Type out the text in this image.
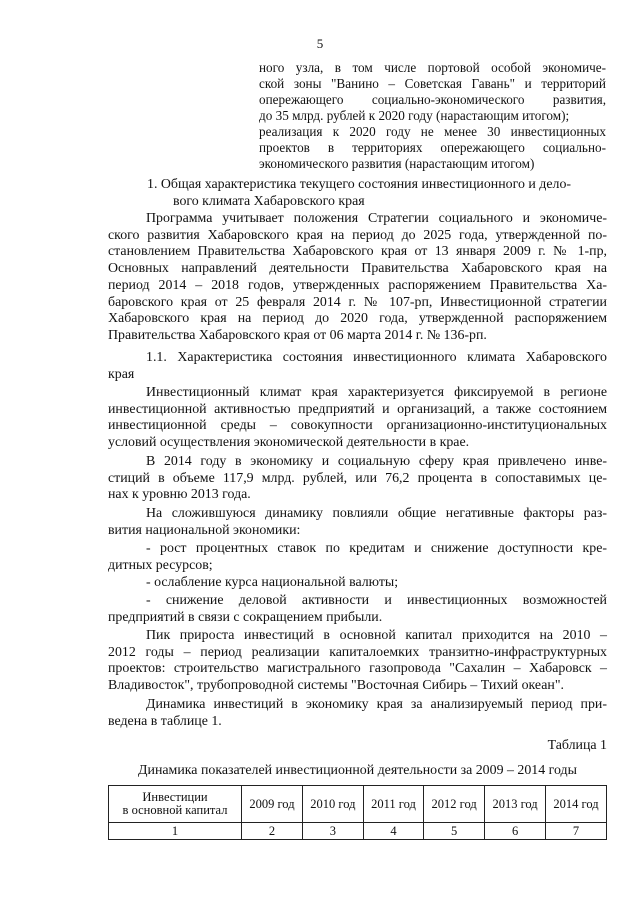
5
ного узла, в том числе портовой особой экономиче-
ской зоны "Ванино – Советская Гавань" и территорий
опережающего социально-экономического развития,
до 35 млрд. рублей к 2020 году (нарастающим итогом);
реализация к 2020 году не менее 30 инвестиционных
проектов в территориях опережающего социально-
экономического развития (нарастающим итогом)
1. Общая характеристика текущего состояния инвестиционного и дело-
вого климата Хабаровского края
Программа учитывает положения Стратегии социального и экономиче-
ского развития Хабаровского края на период до 2025 года, утвержденной по-
становлением Правительства Хабаровского края от 13 января 2009 г. № 1-пр,
Основных направлений деятельности Правительства Хабаровского края на
период 2014 – 2018 годов, утвержденных распоряжением Правительства Ха-
баровского края от 25 февраля 2014 г. № 107-рп, Инвестиционной стратегии
Хабаровского края на период до 2020 года, утвержденной распоряжением
Правительства Хабаровского края от 06 марта 2014 г. № 136-рп.
1.1. Характеристика состояния инвестиционного климата Хабаровского
края
Инвестиционный климат края характеризуется фиксируемой в регионе
инвестиционной активностью предприятий и организаций, а также состоянием
инвестиционной среды – совокупности организационно-институциональных
условий осуществления экономической деятельности в крае.
В 2014 году в экономику и социальную сферу края привлечено инве-
стиций в объеме 117,9 млрд. рублей, или 76,2 процента в сопоставимых це-
нах к уровню 2013 года.
На сложившуюся динамику повлияли общие негативные факторы раз-
вития национальной экономики:
- рост процентных ставок по кредитам и снижение доступности кре-
дитных ресурсов;
- ослабление курса национальной валюты;
- снижение деловой активности и инвестиционных возможностей
предприятий в связи с сокращением прибыли.
Пик прироста инвестиций в основной капитал приходится на 2010 –
2012 годы – период реализации капиталоемких транзитно-инфраструктурных
проектов: строительство магистрального газопровода "Сахалин – Хабаровск –
Владивосток", трубопроводной системы "Восточная Сибирь – Тихий океан".
Динамика инвестиций в экономику края за анализируемый период при-
ведена в таблице 1.
Таблица 1
Динамика показателей инвестиционной деятельности за 2009 – 2014 годы
Инвестиции
в основной капитал	2009 год	2010 год	2011 год	2012 год	2013 год	2014 год
1	2	3	4	5	6	7
